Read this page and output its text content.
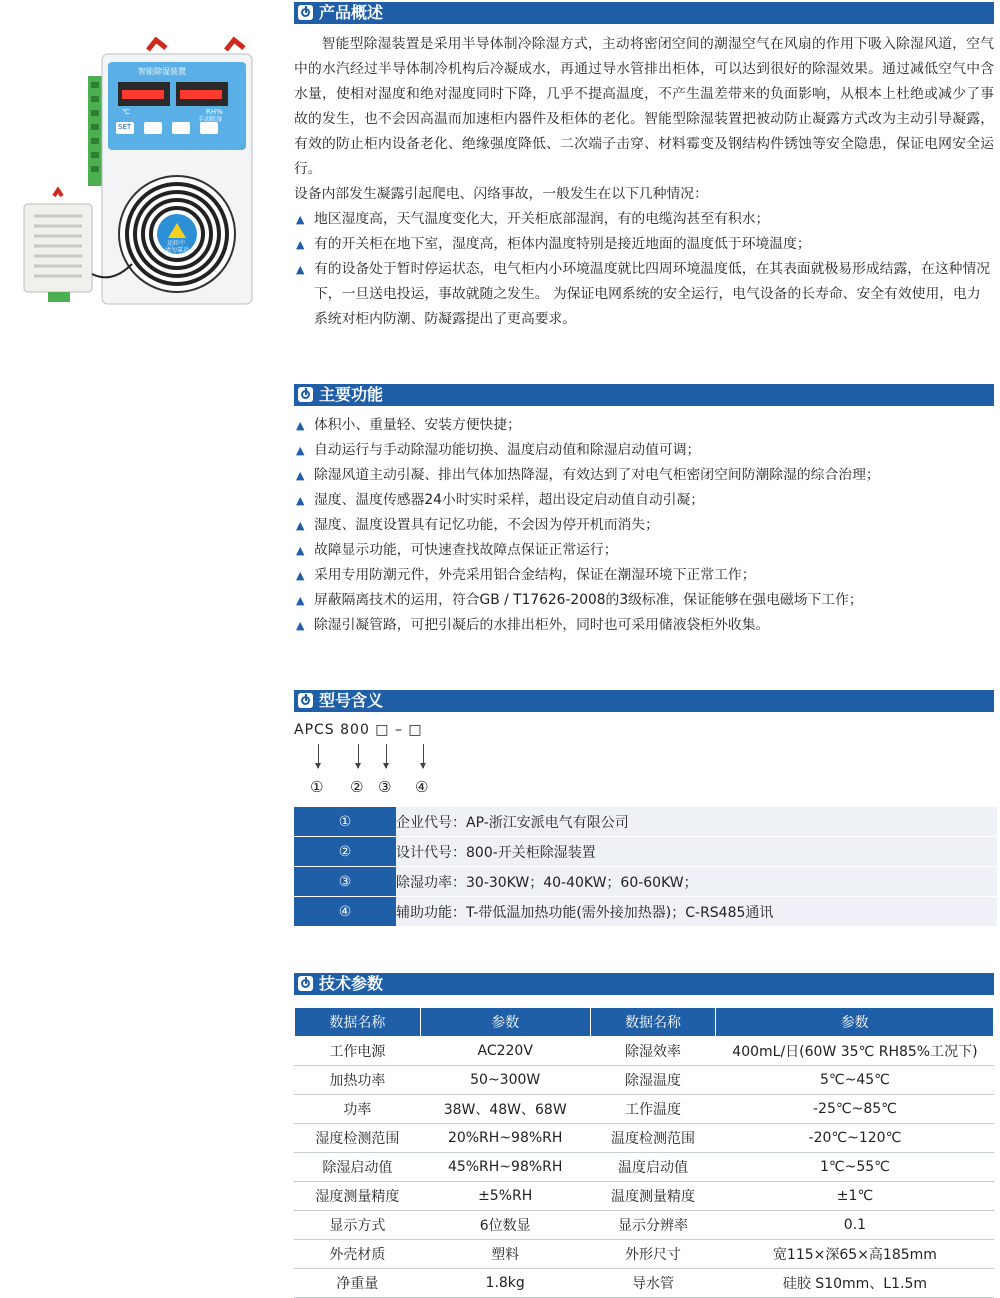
智能除湿装置
℃	RH%
SET
手动除湿
运转中
请勿靠近
产品概述

智能型除湿装置是采用半导体制冷除湿方式，主动将密闭空间的潮湿空气在风扇的作用下吸入除湿风道，空气中的水汽经过半导体制冷机构后冷凝成水，再通过导水管排出柜体，可以达到很好的除湿效果。通过减低空气中含水量，使相对湿度和绝对湿度同时下降，几乎不提高温度，不产生温差带来的负面影响，从根本上杜绝或减少了事故的发生，也不会因高温而加速柜内器件及柜体的老化。智能型除湿装置把被动防止凝露方式改为主动引导凝露，有效的防止柜内设备老化、绝缘强度降低、二次端子击穿、材料霉变及钢结构件锈蚀等安全隐患，保证电网安全运行。

设备内部发生凝露引起爬电、闪络事故，一般发生在以下几种情况：

▲ 地区湿度高，天气温度变化大，开关柜底部湿润，有的电缆沟甚至有积水；
▲ 有的开关柜在地下室，湿度高，柜体内温度特别是接近地面的温度低于环境温度；
▲ 有的设备处于暂时停运状态，电气柜内小环境温度就比四周环境温度低，在其表面就极易形成结露，在这种情况下，一旦送电投运，事故就随之发生。 为保证电网系统的安全运行，电气设备的长寿命、安全有效使用，电力系统对柜内防潮、防凝露提出了更高要求。
主要功能
▲ 体积小、重量轻、安装方便快捷；
▲ 自动运行与手动除湿功能切换、温度启动值和除湿启动值可调；
▲ 除湿风道主动引凝、排出气体加热降湿，有效达到了对电气柜密闭空间防潮除湿的综合治理；
▲ 湿度、温度传感器24小时实时采样，超出设定启动值自动引凝；
▲ 湿度、温度设置具有记忆功能，不会因为停开机而消失；
▲ 故障显示功能，可快速查找故障点保证正常运行；
▲ 采用专用防潮元件，外壳采用铝合金结构，保证在潮湿环境下正常工作；
▲ 屏蔽隔离技术的运用，符合GB / T17626-2008的3级标准，保证能够在强电磁场下工作；
▲ 除湿引凝管路，可把引凝后的水排出柜外，同时也可采用储液袋柜外收集。
型号含义
APCS 800 □ – □
① ② ③ ④
①	企业代号：AP-浙江安派电气有限公司
②	设计代号：800-开关柜除湿装置
③	除湿功率：30-30KW；40-40KW；60-60KW；
④	辅助功能：T-带低温加热功能(需外接加热器)；C-RS485通讯
技术参数
数据名称	参数	数据名称	参数
工作电源	AC220V	除湿效率	400mL/日(60W 35℃ RH85%工况下)
加热功率	50~300W	除湿温度	5℃~45℃
功率	38W、48W、68W	工作温度	-25℃~85℃
湿度检测范围	20%RH~98%RH	温度检测范围	-20℃~120℃
除湿启动值	45%RH~98%RH	温度启动值	1℃~55℃
湿度测量精度	±5%RH	温度测量精度	±1℃
显示方式	6位数显	显示分辨率	0.1
外壳材质	塑料	外形尺寸	宽115×深65×高185mm
净重量	1.8kg	导水管	硅胶 S10mm、L1.5m
